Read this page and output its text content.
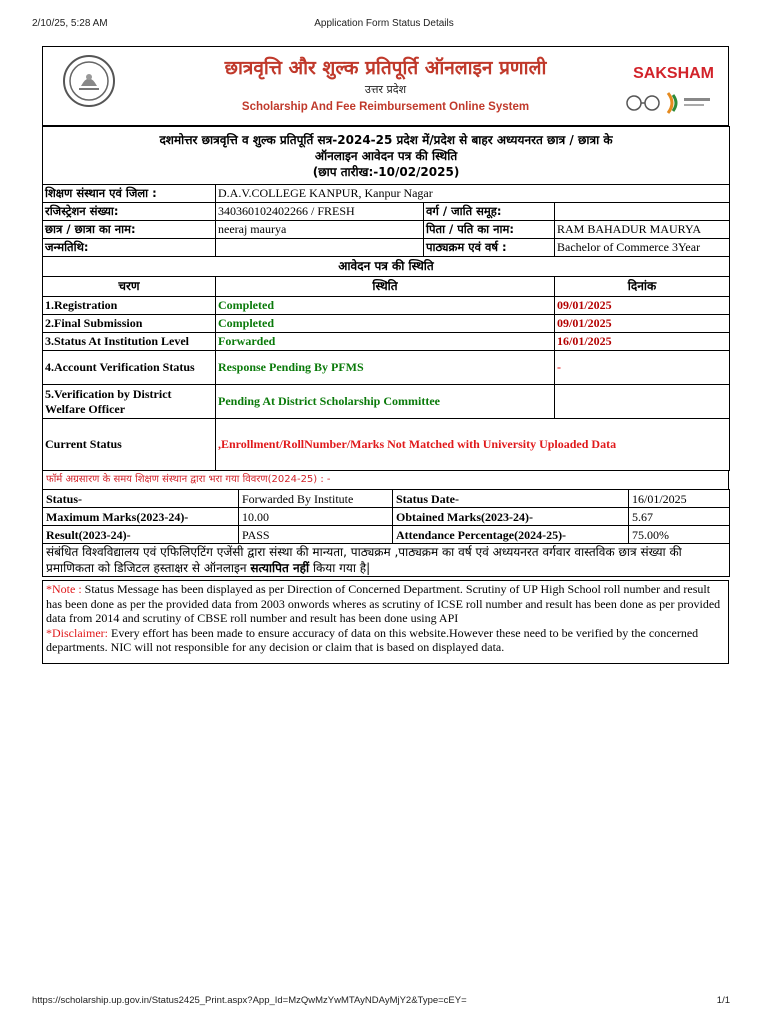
2/10/25, 5:28 AM	Application Form Status Details
छात्रवृत्ति और शुल्क प्रतिपूर्ति ऑनलाइन प्रणाली
उत्तर प्रदेश
Scholarship And Fee Reimbursement Online System
SAKSHAM
दशमोत्तर छात्रवृत्ति व शुल्क प्रतिपूर्ति सत्र-2024-25 प्रदेश में/प्रदेश से बाहर अध्ययनरत छात्र / छात्रा के
ऑनलाइन आवेदन पत्र की स्थिति
(छाप तारीख:-10/02/2025)			

शिक्षण संस्थान एवं जिला :	D.A.V.COLLEGE KANPUR, Kanpur Nagar		
रजिस्ट्रेशन संख्या:	340360102402266 / FRESH	वर्ग / जाति समूह:	
छात्र / छात्रा का नाम:	neeraj maurya	पिता / पति का नाम:	RAM BAHADUR MAURYA
जन्मतिथि:		पाठ्यक्रम एवं वर्ष :	Bachelor of Commerce 3Year
आवेदन पत्र की स्थिति			
चरण	स्थिति		दिनांक
1.Registration	Completed		09/01/2025
2.Final Submission	Completed		09/01/2025
3.Status At Institution Level	Forwarded		16/01/2025
4.Account Verification Status	Response Pending By PFMS		-
5.Verification by District Welfare Officer	Pending At District Scholarship Committee		
Current Status	,Enrollment/RollNumber/Marks Not Matched with University Uploaded Data		
फॉर्म अग्रसारण के समय शिक्षण संस्थान द्वारा भरा गया विवरण(2024-25) : -
Status-	Forwarded By Institute	Status Date-	16/01/2025
Maximum Marks(2023-24)-	10.00	Obtained Marks(2023-24)-	5.67
Result(2023-24)-	PASS	Attendance Percentage(2024-25)-	75.00%
संबंधित विश्वविद्यालय एवं एफिलिएटिंग एजेंसी द्वारा संस्था की मान्यता, पाठ्यक्रम ,पाठ्यक्रम का वर्ष एवं अध्ययनरत वर्गवार वास्तविक छात्र संख्या की प्रमाणिकता को डिजिटल हस्ताक्षर से ऑनलाइन सत्यापित नहीं किया गया है|			
*Note : Status Message has been displayed as per Direction of Concerned Department. Scrutiny of UP High School roll number and result has been done as per the provided data from 2003 onwords wheres as scrutiny of ICSE roll number and result has been done as per provided data from 2014 and scrutiny of CBSE roll number and result has been done using API
*Disclaimer: Every effort has been made to ensure accuracy of data on this website.However these need to be verified by the concerned departments. NIC will not responsible for any decision or claim that is based on displayed data.
https://scholarship.up.gov.in/Status2425_Print.aspx?App_Id=MzQwMzYwMTAyNDAyMjY2&Type=cEY=	1/1
